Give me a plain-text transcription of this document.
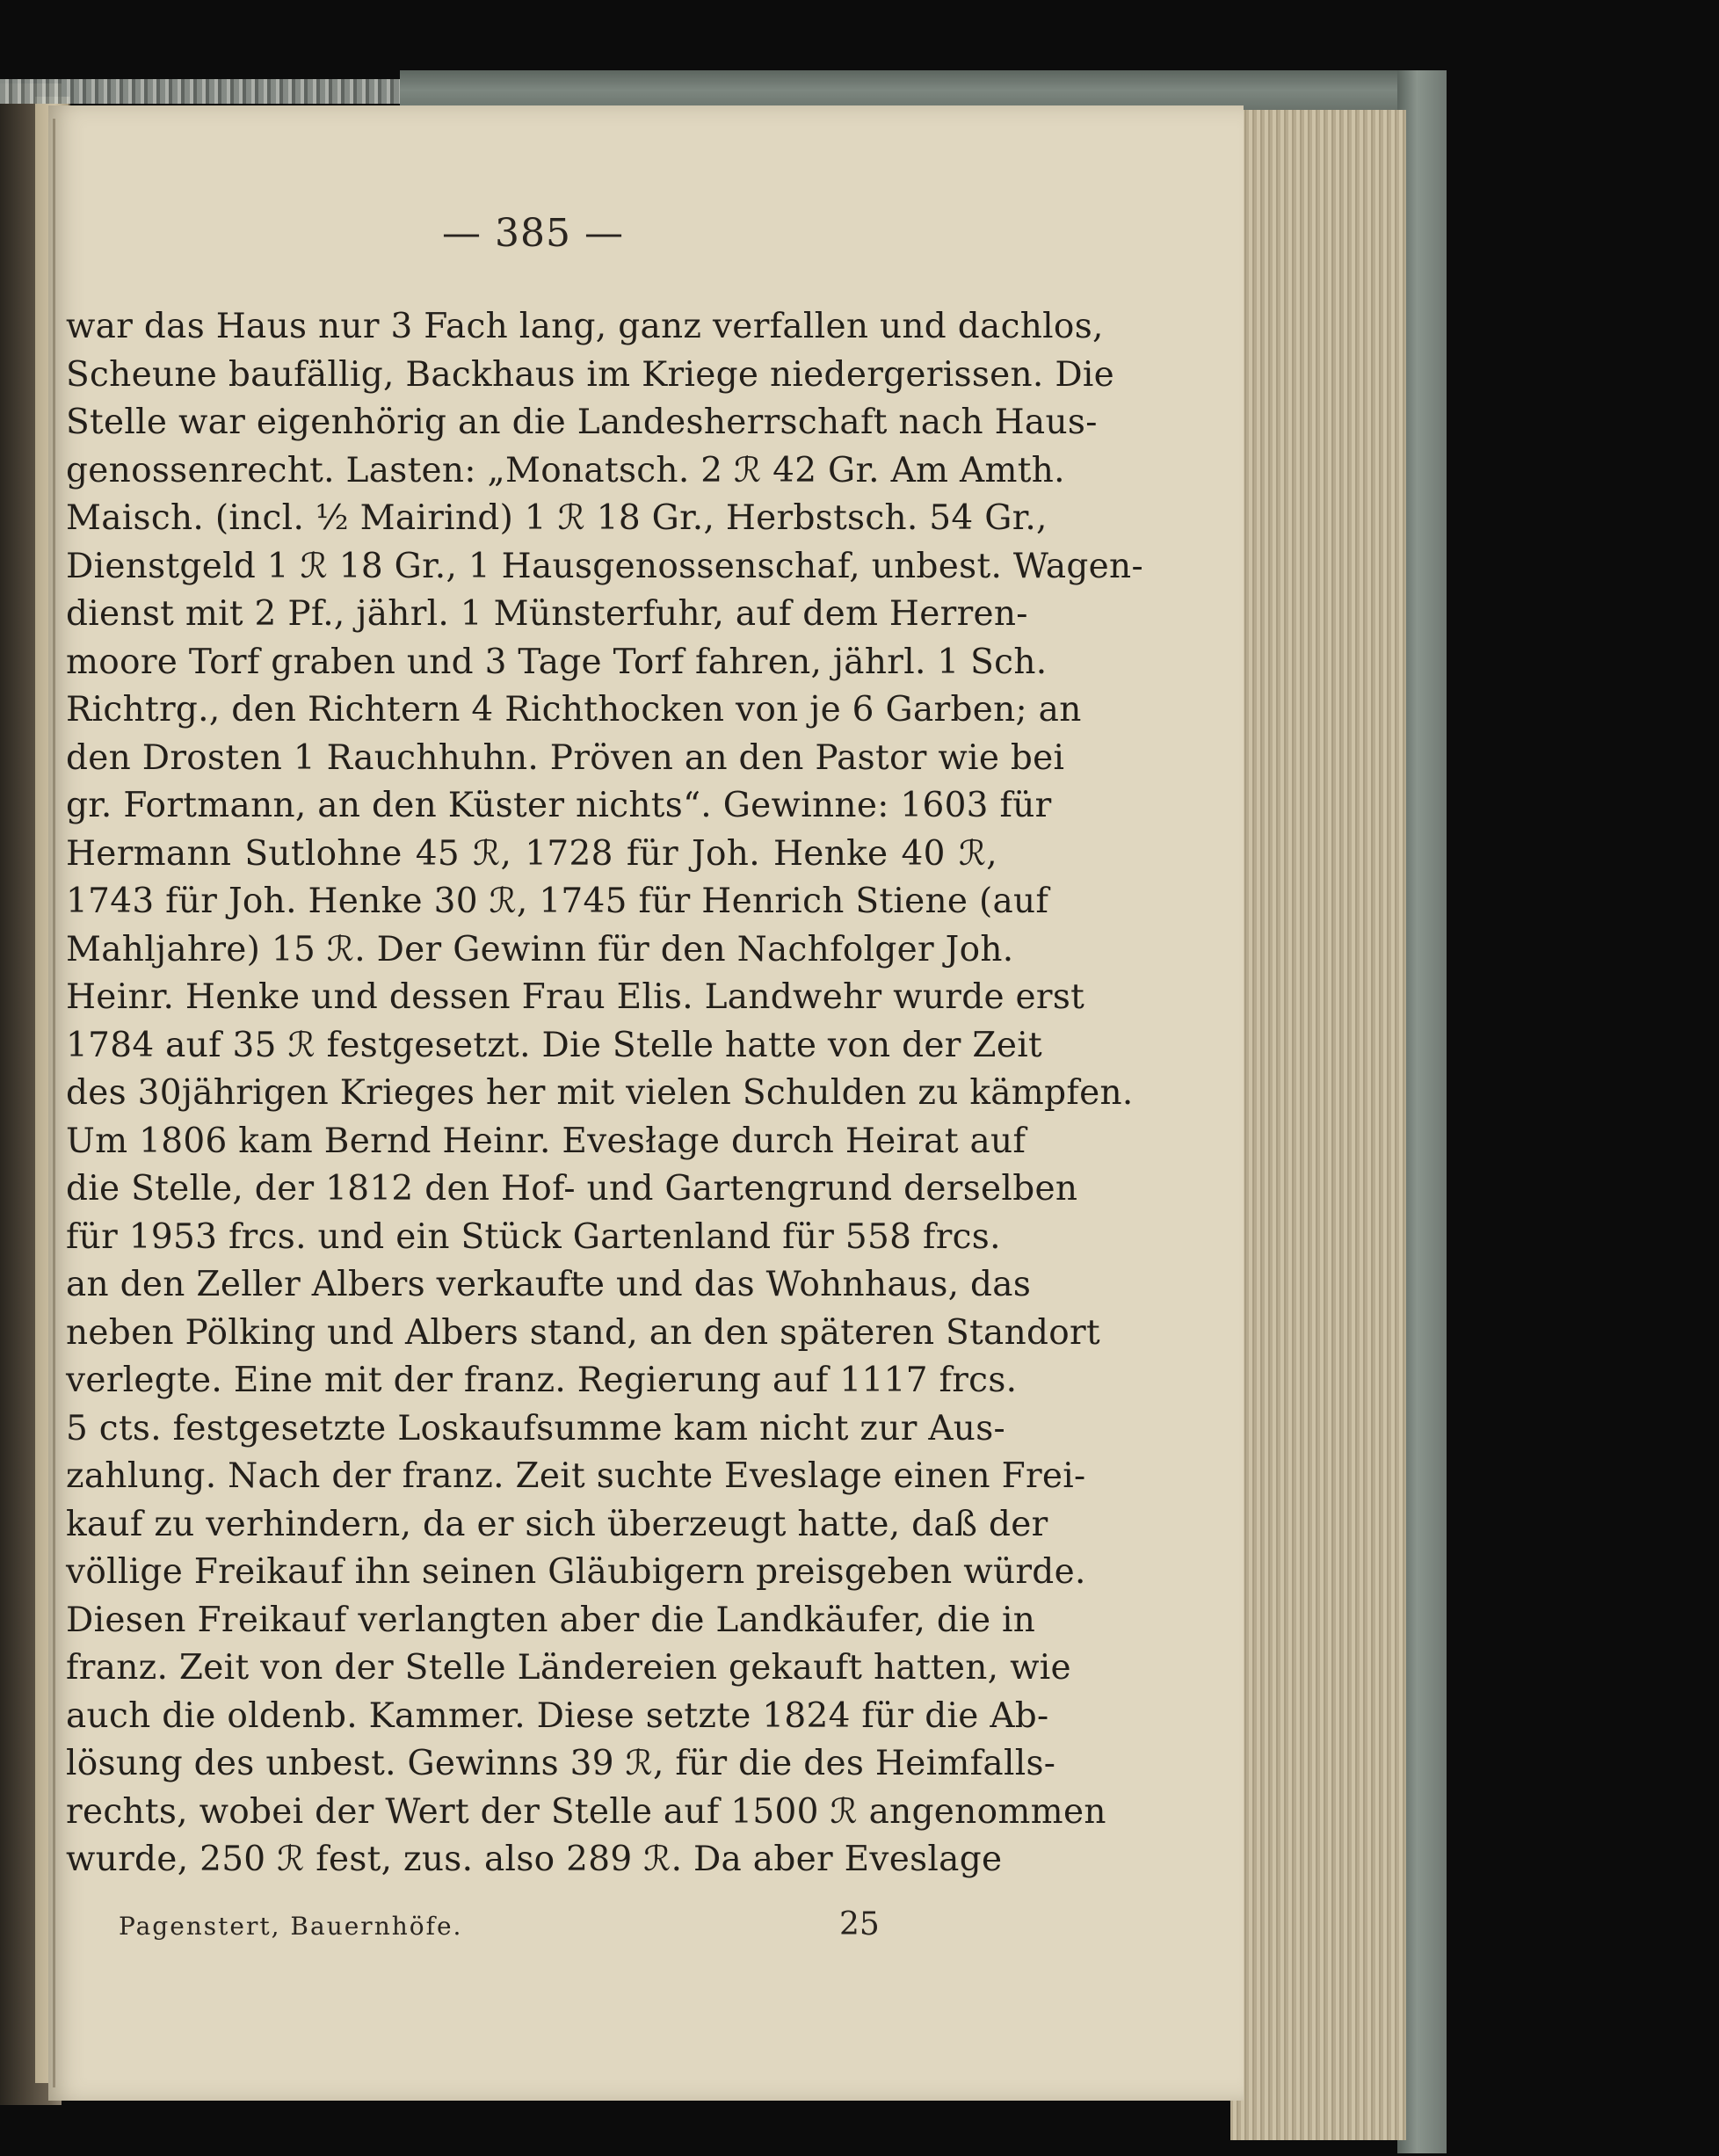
— 385 —
war das Haus nur 3 Fach lang, ganz verfallen und dachlos,
Scheune baufällig, Backhaus im Kriege niedergerissen. Die
Stelle war eigenhörig an die Landesherrschaft nach Haus-
genossenrecht. Lasten: „Monatsch. 2 ℛ 42 Gr. Am Amth.
Maisch. (incl. ½ Mairind) 1 ℛ 18 Gr., Herbstsch. 54 Gr.,
Dienstgeld 1 ℛ 18 Gr., 1 Hausgenossenschaf, unbest. Wagen-
dienst mit 2 Pf., jährl. 1 Münsterfuhr, auf dem Herren-
moore Torf graben und 3 Tage Torf fahren, jährl. 1 Sch.
Richtrg., den Richtern 4 Richthocken von je 6 Garben; an
den Drosten 1 Rauchhuhn. Pröven an den Pastor wie bei
gr. Fortmann, an den Küster nichts“. Gewinne: 1603 für
Hermann Sutlohne 45 ℛ, 1728 für Joh. Henke 40 ℛ,
1743 für Joh. Henke 30 ℛ, 1745 für Henrich Stiene (auf
Mahljahre) 15 ℛ. Der Gewinn für den Nachfolger Joh.
Heinr. Henke und dessen Frau Elis. Landwehr wurde erst
1784 auf 35 ℛ festgesetzt. Die Stelle hatte von der Zeit
des 30jährigen Krieges her mit vielen Schulden zu kämpfen.
Um 1806 kam Bernd Heinr. Evesłage durch Heirat auf
die Stelle, der 1812 den Hof- und Gartengrund derselben
für 1953 frcs. und ein Stück Gartenland für 558 frcs.
an den Zeller Albers verkaufte und das Wohnhaus, das
neben Pölking und Albers stand, an den späteren Standort
verlegte. Eine mit der franz. Regierung auf 1117 frcs.
5 cts. festgesetzte Loskaufsumme kam nicht zur Aus-
zahlung. Nach der franz. Zeit suchte Eveslage einen Frei-
kauf zu verhindern, da er sich überzeugt hatte, daß der
völlige Freikauf ihn seinen Gläubigern preisgeben würde.
Diesen Freikauf verlangten aber die Landkäufer, die in
franz. Zeit von der Stelle Ländereien gekauft hatten, wie
auch die oldenb. Kammer. Diese setzte 1824 für die Ab-
lösung des unbest. Gewinns 39 ℛ, für die des Heimfalls-
rechts, wobei der Wert der Stelle auf 1500 ℛ angenommen
wurde, 250 ℛ fest, zus. also 289 ℛ. Da aber Eveslage
Pagenstert, Bauernhöfe.	25
